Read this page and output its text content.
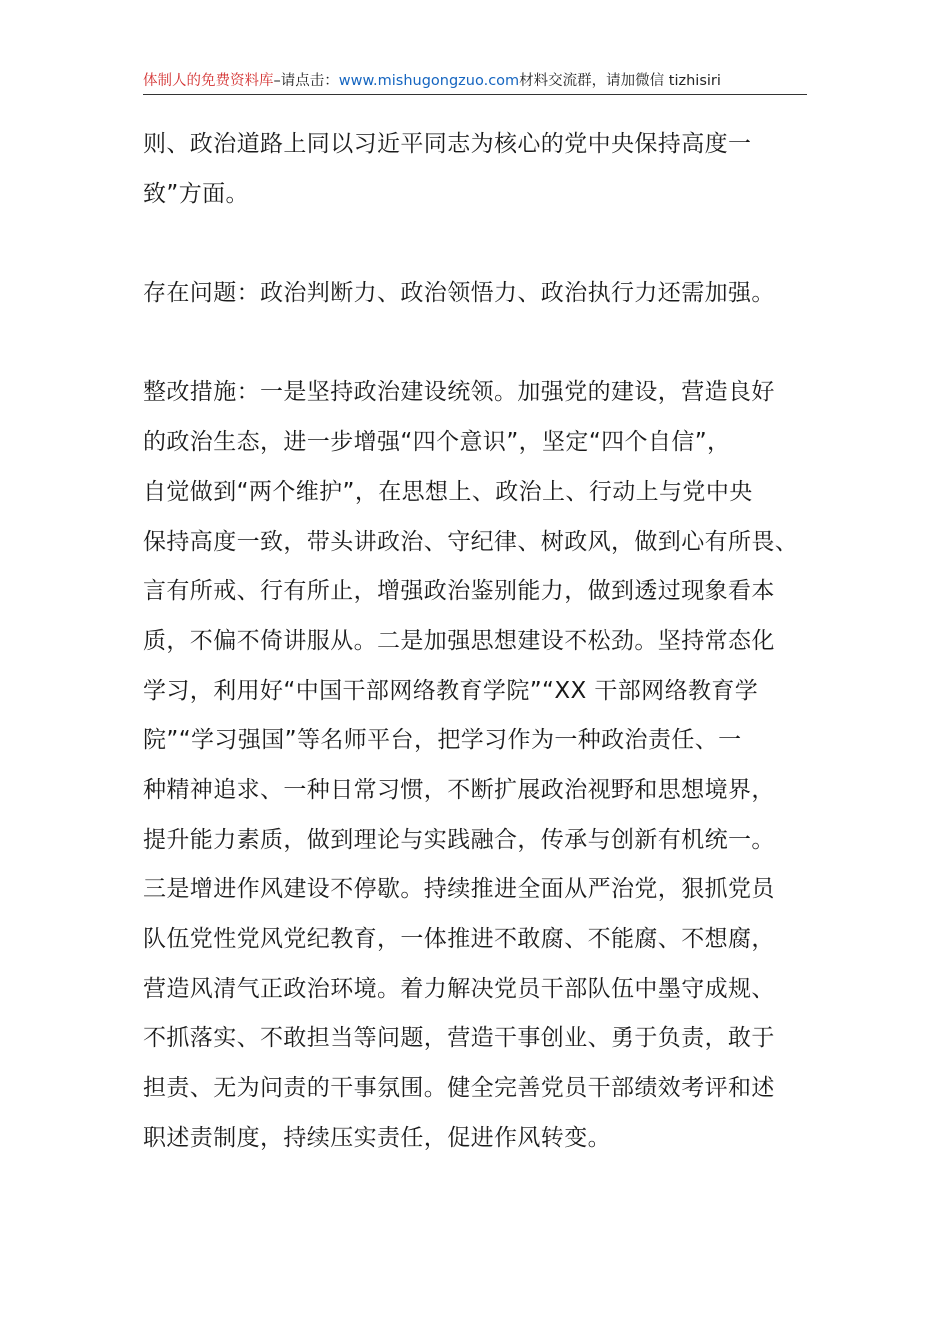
体制人的免费资料库–请点击：www.mishugongzuo.com材料交流群，请加微信 tizhisiri
则、政治道路上同以习近平同志为核心的党中央保持高度一
致”方面。
存在问题：政治判断力、政治领悟力、政治执行力还需加强。
整改措施：一是坚持政治建设统领。加强党的建设，营造良好
的政治生态，进一步增强“四个意识”，坚定“四个自信”，
自觉做到“两个维护”，在思想上、政治上、行动上与党中央
保持高度一致，带头讲政治、守纪律、树政风，做到心有所畏、
言有所戒、行有所止，增强政治鉴别能力，做到透过现象看本
质，不偏不倚讲服从。二是加强思想建设不松劲。坚持常态化
学习，利用好“中国干部网络教育学院”“XX 干部网络教育学
院”“学习强国”等名师平台，把学习作为一种政治责任、一
种精神追求、一种日常习惯，不断扩展政治视野和思想境界，
提升能力素质，做到理论与实践融合，传承与创新有机统一。
三是增进作风建设不停歇。持续推进全面从严治党，狠抓党员
队伍党性党风党纪教育，一体推进不敢腐、不能腐、不想腐，
营造风清气正政治环境。着力解决党员干部队伍中墨守成规、
不抓落实、不敢担当等问题，营造干事创业、勇于负责，敢于
担责、无为问责的干事氛围。健全完善党员干部绩效考评和述
职述责制度，持续压实责任，促进作风转变。
